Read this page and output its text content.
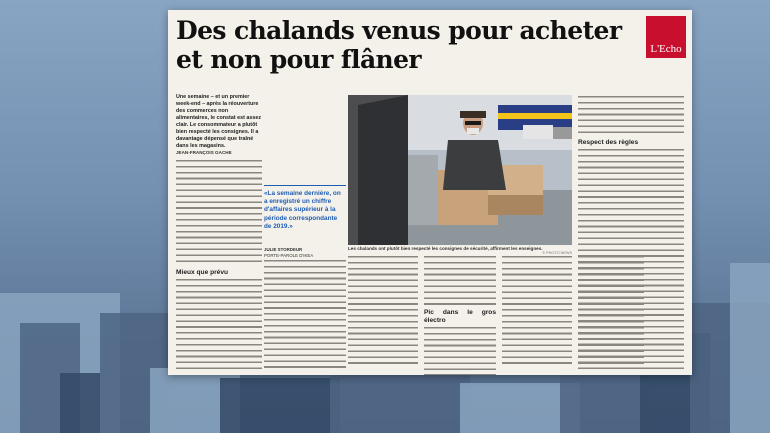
Des chalands venus pour acheter
et non pour flâner	L'Echo
Une semaine – et un premier week-end – après la réouverture des commerces non alimentaires, le constat est assez clair. Le consommateur a plutôt bien respecté les consignes. Il a davantage dépensé que traîné dans les magasins.
JEAN-FRANÇOIS GACHE
Mieux que prévu
«La semaine dernière, on a enregistré un chiffre d'affaires supérieur à la période correspondante de 2019.»
JULIE STORDEUR
PORTE-PAROLE D'IKEA
Les chalands ont plutôt bien respecté les consignes de sécurité, affirment les enseignes.
© PHOTO NEWS
Pic dans le gros électro
Respect des règles
